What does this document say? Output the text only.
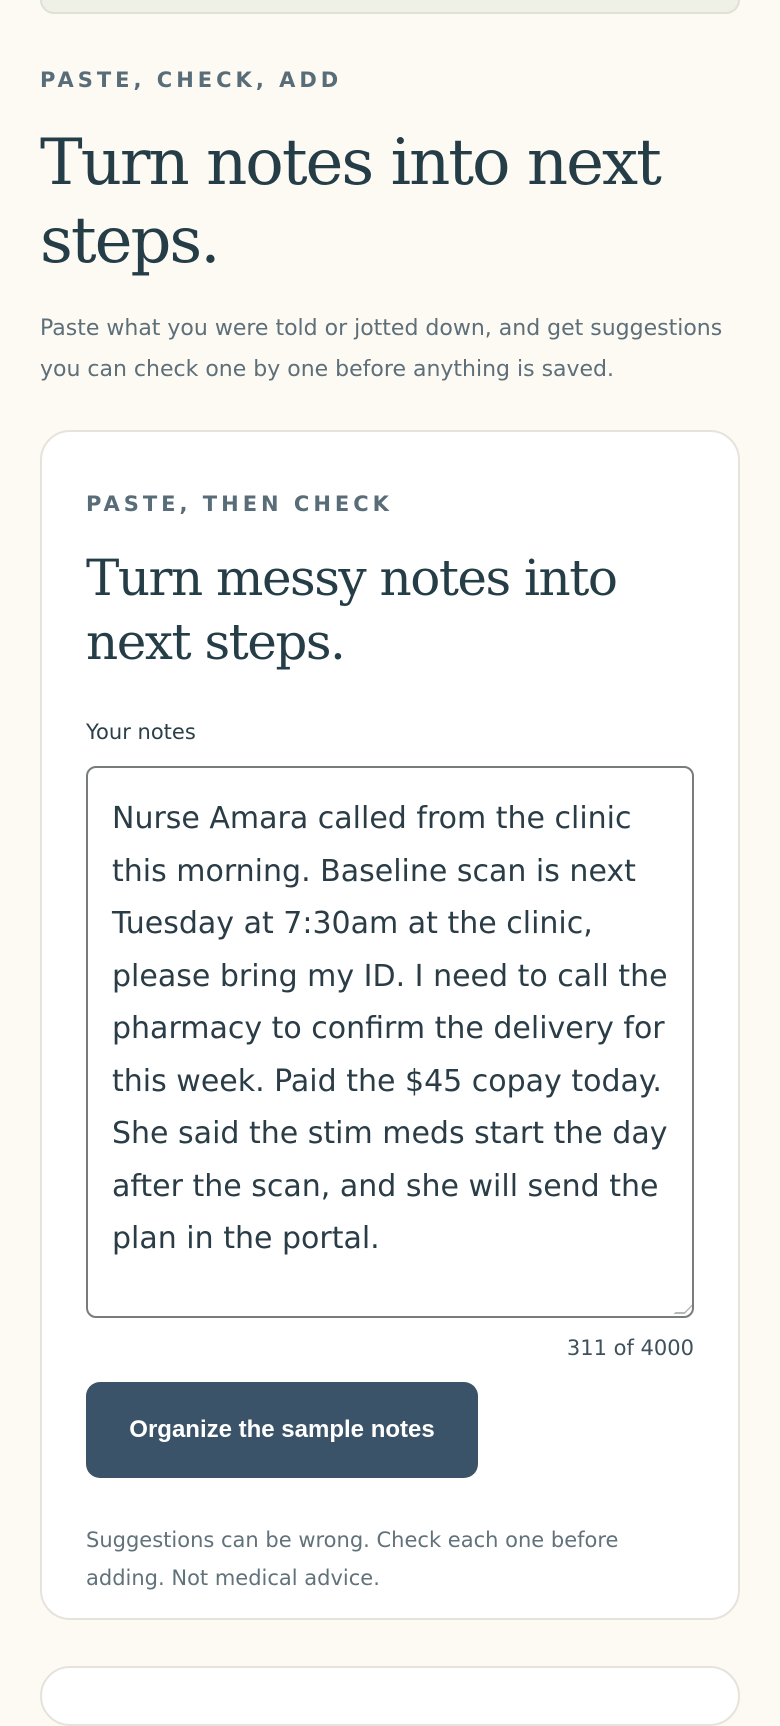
PASTE, CHECK, ADD
Turn notes into next steps.

Paste what you were told or jotted down, and get suggestions you can check one by one before anything is saved.

PASTE, THEN CHECK
Turn messy notes into next steps.
Your notes

Nurse Amara called from the clinic this morning. Baseline scan is next Tuesday at 7:30am at the clinic, please bring my ID. I need to call the pharmacy to confirm the delivery for this week. Paid the $45 copay today. She said the stim meds start the day after the scan, and she will send the plan in the portal.

311 of 4000
Organize the sample notes

Suggestions can be wrong. Check each one before adding. Not medical advice.
